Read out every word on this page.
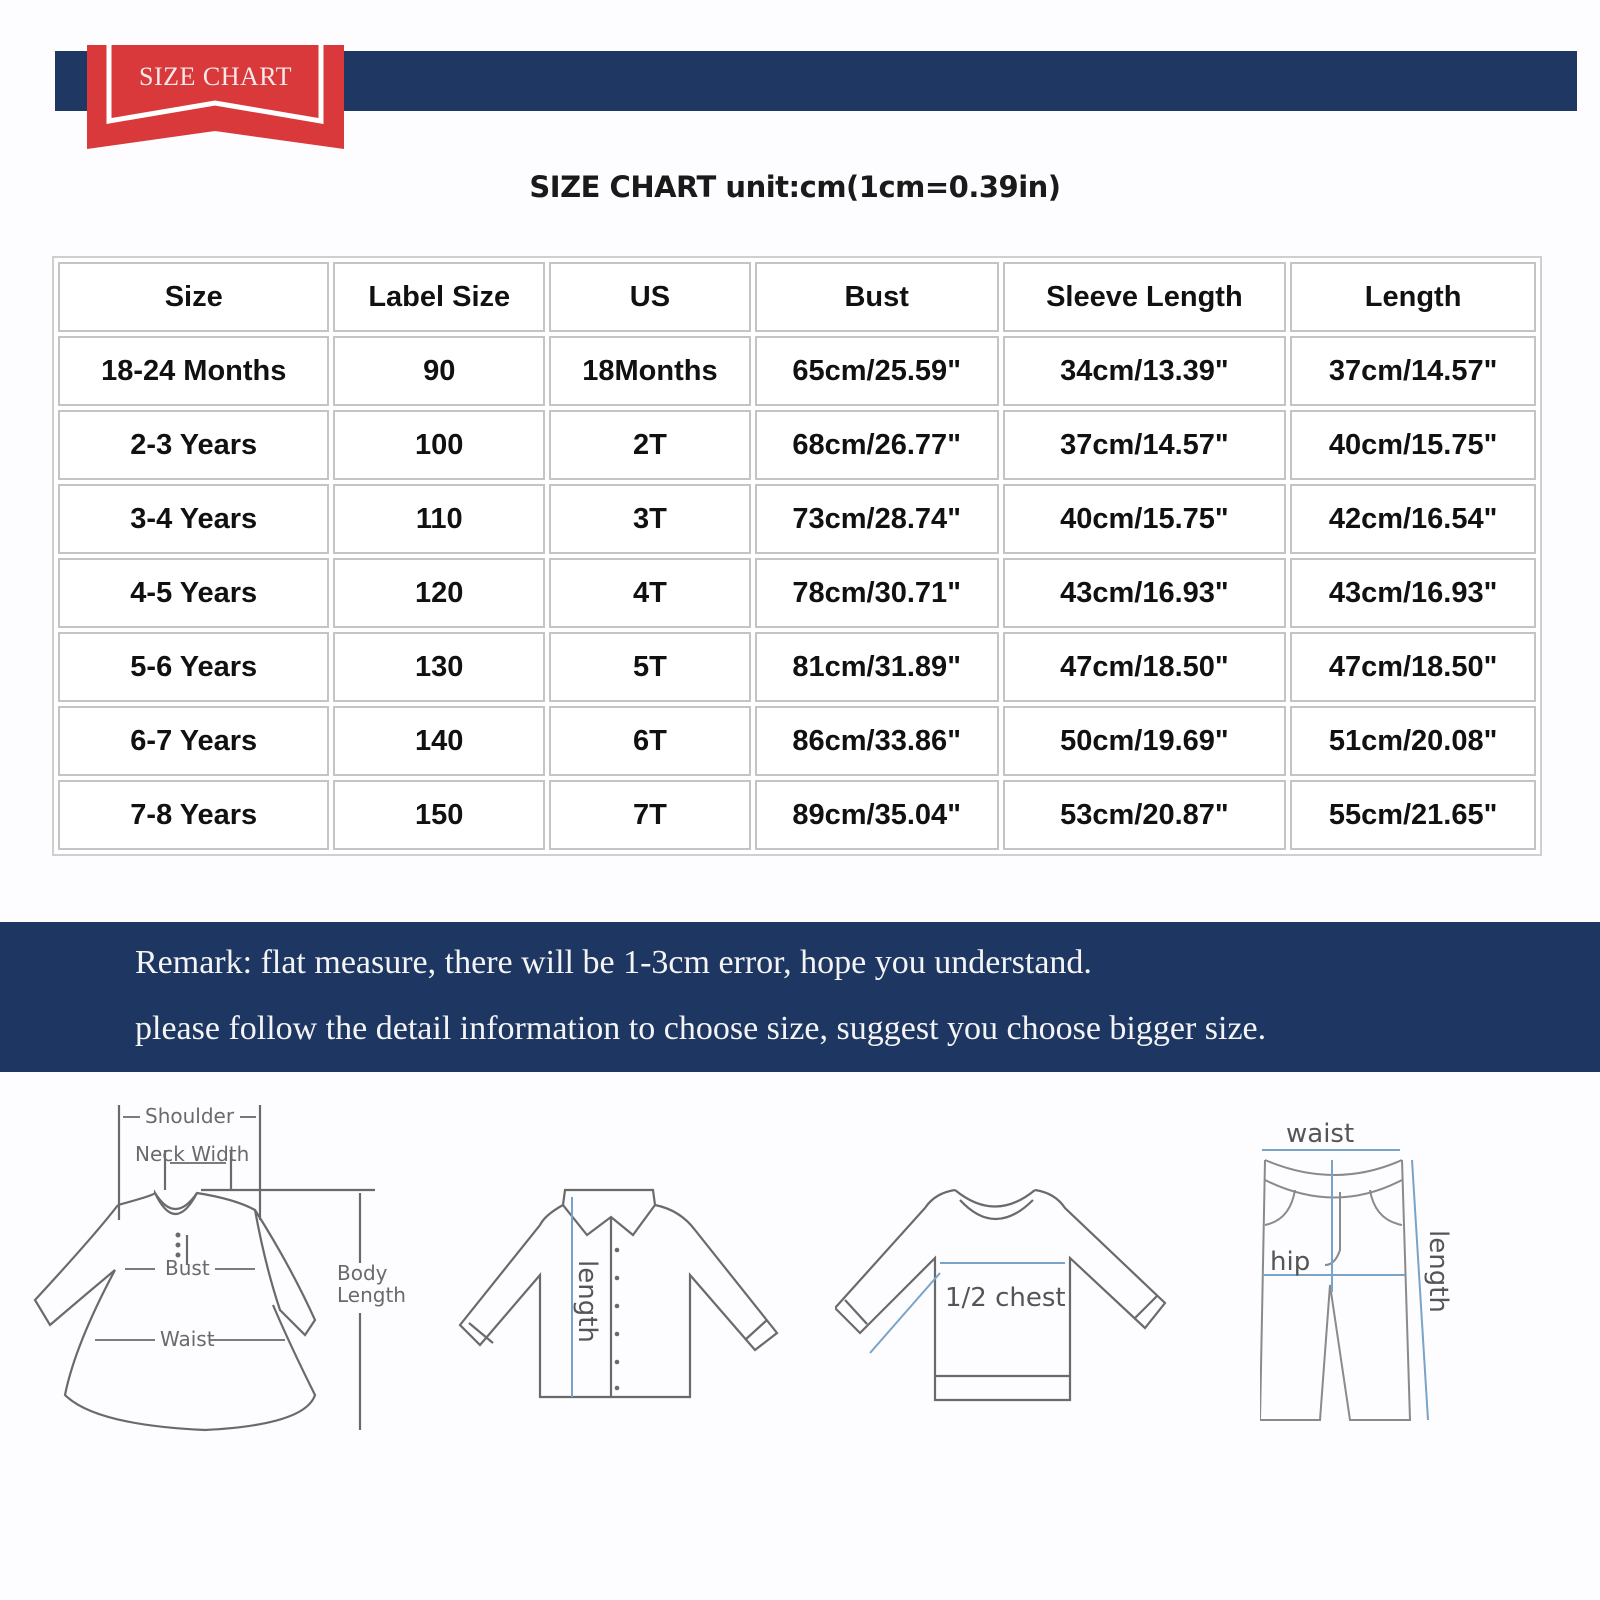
SIZE CHART
SIZE CHART unit:cm(1cm=0.39in)
Size	Label Size	US	Bust	Sleeve Length	Length
18-24 Months	90	18Months	65cm/25.59"	34cm/13.39"	37cm/14.57"
2-3 Years	100	2T	68cm/26.77"	37cm/14.57"	40cm/15.75"
3-4 Years	110	3T	73cm/28.74"	40cm/15.75"	42cm/16.54"
4-5 Years	120	4T	78cm/30.71"	43cm/16.93"	43cm/16.93"
5-6 Years	130	5T	81cm/31.89"	47cm/18.50"	47cm/18.50"
6-7 Years	140	6T	86cm/33.86"	50cm/19.69"	51cm/20.08"
7-8 Years	150	7T	89cm/35.04"	53cm/20.87"	55cm/21.65"
Remark: flat measure, there will be 1-3cm error, hope you understand.
please follow the detail information to choose size, suggest you choose bigger size.
Shoulder
Neck Width
Bust
Waist
Body
Length	length	1/2 chest
waist
hip	length
